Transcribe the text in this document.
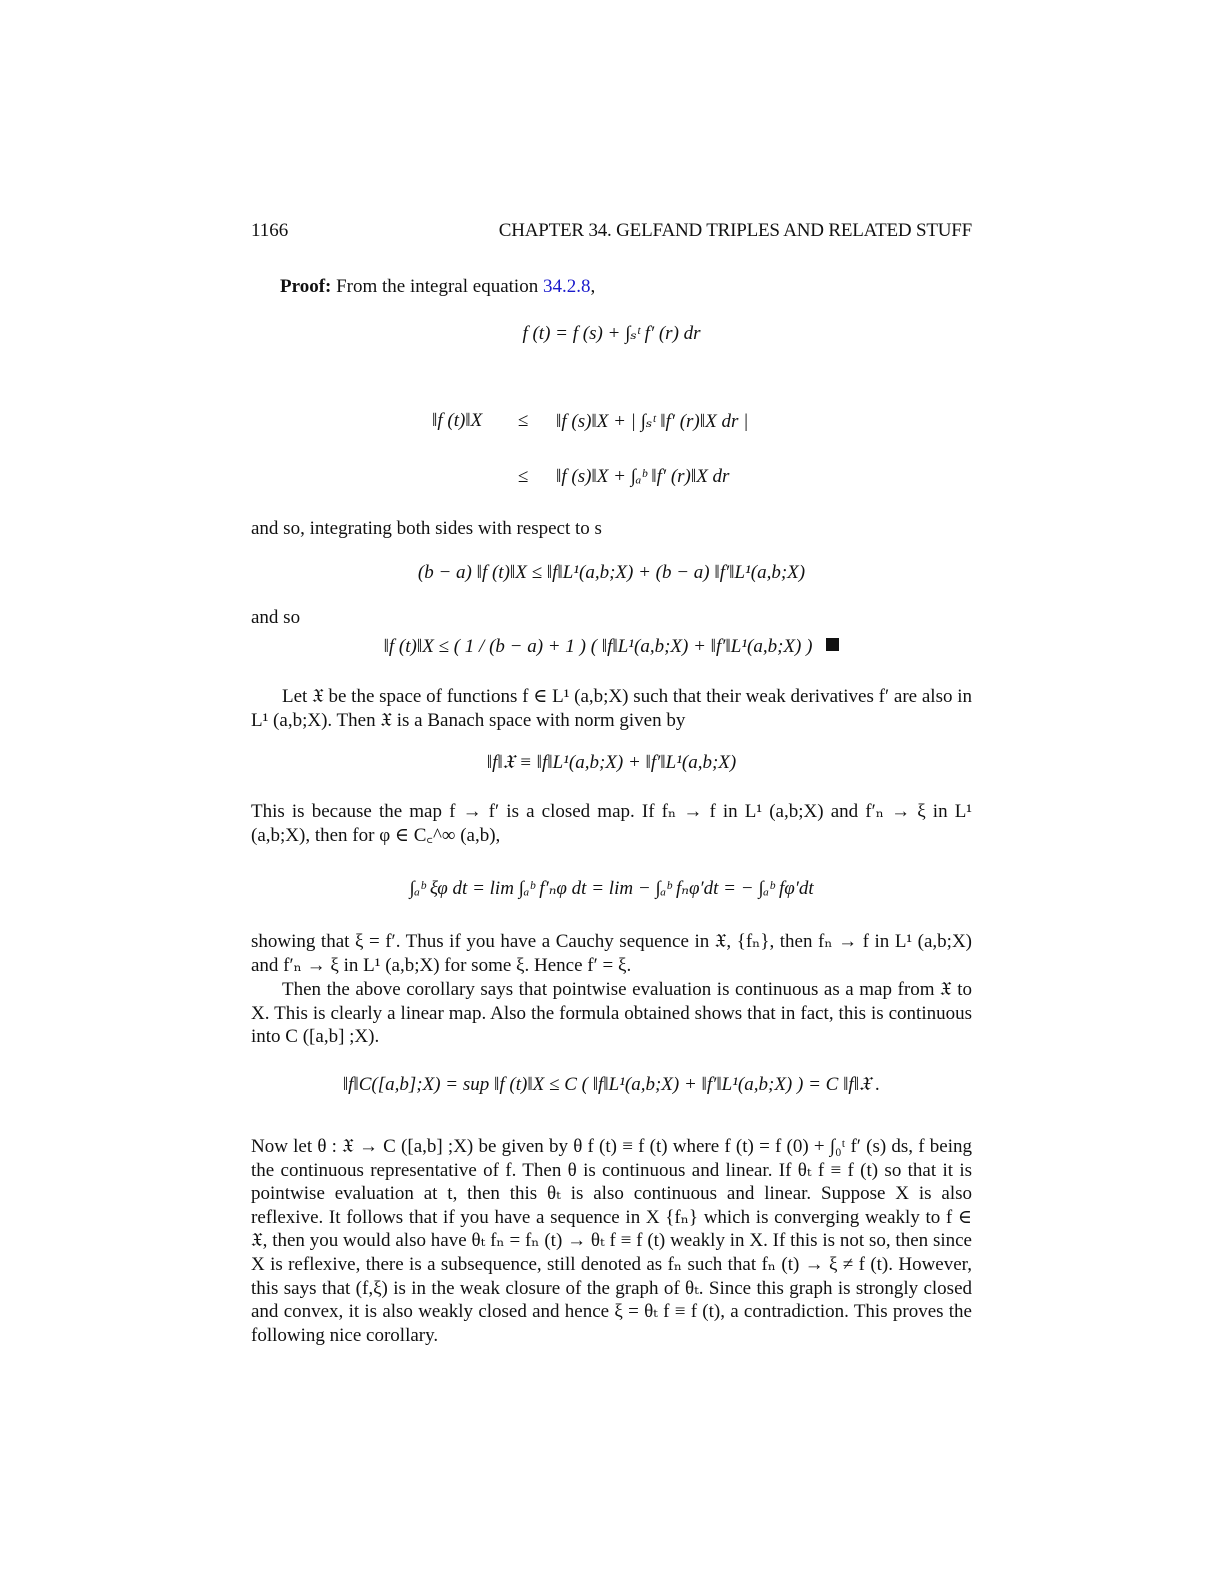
1166	CHAPTER 34. GELFAND TRIPLES AND RELATED STUFF
Proof: From the integral equation 34.2.8,
f (t) = f (s) + ∫ₛᵗ f′ (r) dr
‖f (t)‖X ≤ ‖f (s)‖X + | ∫ₛᵗ ‖f′ (r)‖X dr |
≤ ‖f (s)‖X + ∫ₐᵇ ‖f′ (r)‖X dr
and so, integrating both sides with respect to s
(b − a) ‖f (t)‖X ≤ ‖f‖L¹(a,b;X) + (b − a) ‖f′‖L¹(a,b;X)
and so
‖f (t)‖X ≤ ( 1 / (b − a) + 1 ) ( ‖f‖L¹(a,b;X) + ‖f′‖L¹(a,b;X) )
Let 𝔛 be the space of functions f ∈ L¹ (a,b;X) such that their weak derivatives f′ are also in L¹ (a,b;X). Then 𝔛 is a Banach space with norm given by
‖f‖𝔛 ≡ ‖f‖L¹(a,b;X) + ‖f′‖L¹(a,b;X)
This is because the map f → f′ is a closed map. If fₙ → f in L¹ (a,b;X) and f′ₙ → ξ in L¹ (a,b;X), then for φ ∈ C꜀^∞ (a,b),
∫ₐᵇ ξφ dt = lim ∫ₐᵇ f′ₙφ dt = lim − ∫ₐᵇ fₙφ′dt = − ∫ₐᵇ fφ′dt
showing that ξ = f′. Thus if you have a Cauchy sequence in 𝔛, {fₙ}, then fₙ → f in L¹ (a,b;X) and f′ₙ → ξ in L¹ (a,b;X) for some ξ. Hence f′ = ξ.
Then the above corollary says that pointwise evaluation is continuous as a map from 𝔛 to X. This is clearly a linear map. Also the formula obtained shows that in fact, this is continuous into C ([a,b] ;X).
‖f‖C([a,b];X) = sup ‖f (t)‖X ≤ C ( ‖f‖L¹(a,b;X) + ‖f′‖L¹(a,b;X) ) = C ‖f‖𝔛 .
Now let θ : 𝔛 → C ([a,b] ;X) be given by θ f (t) ≡ f (t) where f (t) = f (0) + ∫₀ᵗ f′ (s) ds, f being the continuous representative of f. Then θ is continuous and linear. If θₜ f ≡ f (t) so that it is pointwise evaluation at t, then this θₜ is also continuous and linear. Suppose X is also reflexive. It follows that if you have a sequence in X {fₙ} which is converging weakly to f ∈ 𝔛, then you would also have θₜ fₙ = fₙ (t) → θₜ f ≡ f (t) weakly in X. If this is not so, then since X is reflexive, there is a subsequence, still denoted as fₙ such that fₙ (t) → ξ ≠ f (t). However, this says that (f,ξ) is in the weak closure of the graph of θₜ. Since this graph is strongly closed and convex, it is also weakly closed and hence ξ = θₜ f ≡ f (t), a contradiction. This proves the following nice corollary.
